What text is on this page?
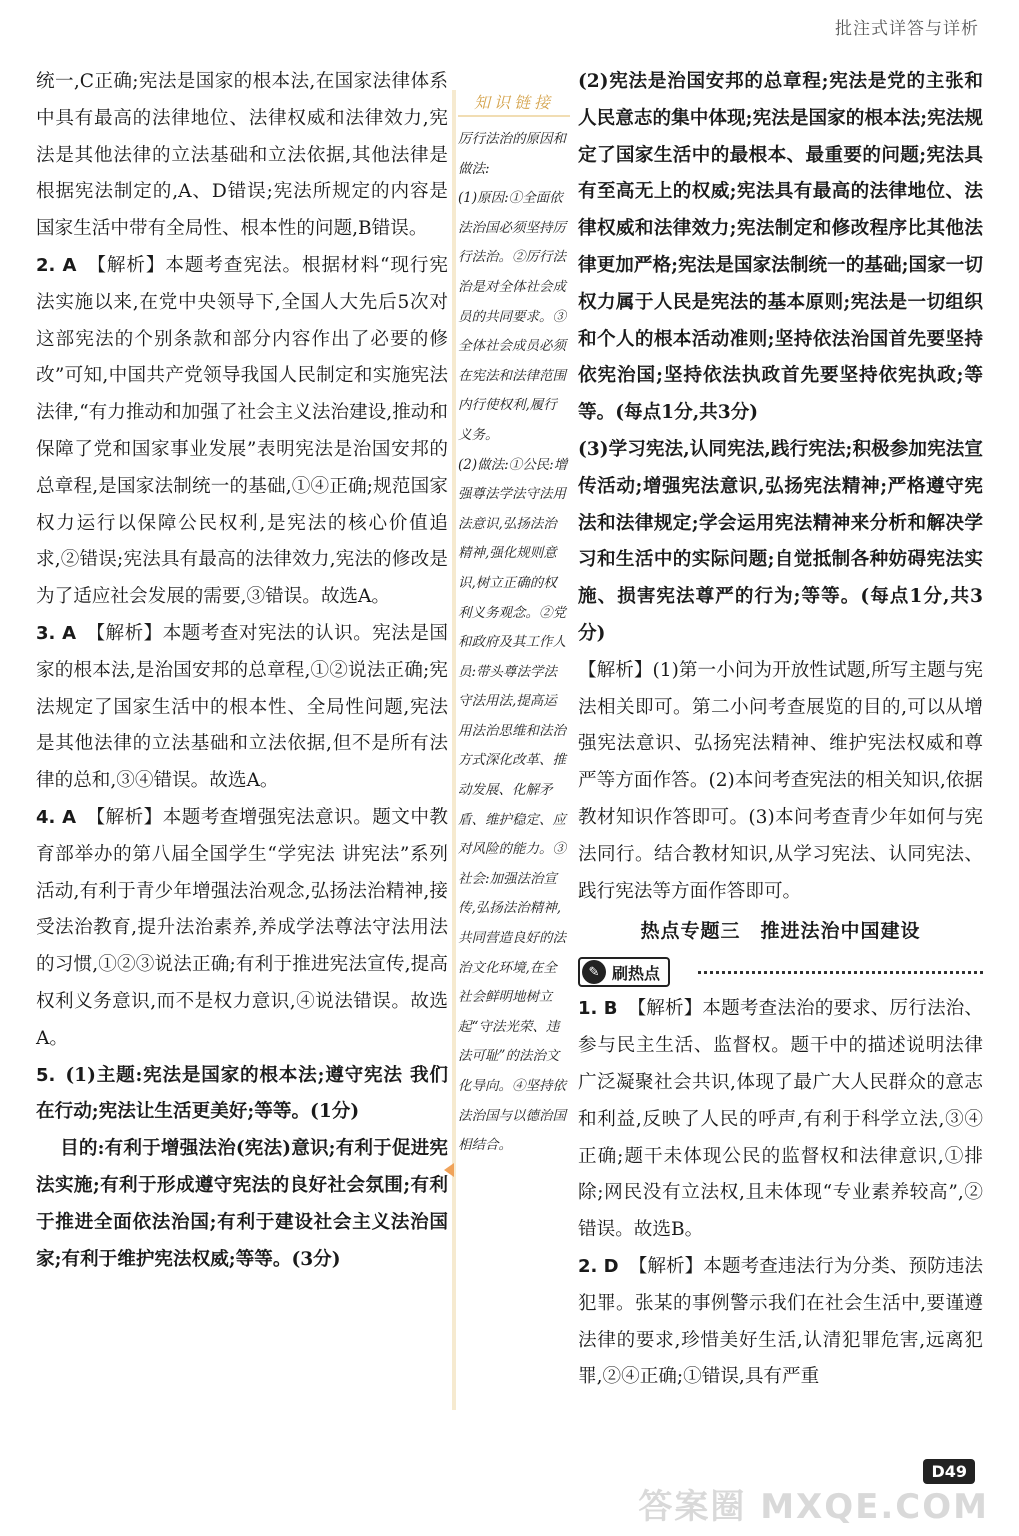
批注式详答与详析

统一,C正确;宪法是国家的根本法,在国家法律体系中具有最高的法律地位、法律权威和法律效力,宪法是其他法律的立法基础和立法依据,其他法律是根据宪法制定的,A、D错误;宪法所规定的内容是国家生活中带有全局性、根本性的问题,B错误。

2. A 【解析】本题考查宪法。根据材料“现行宪法实施以来,在党中央领导下,全国人大先后5次对这部宪法的个别条款和部分内容作出了必要的修改”可知,中国共产党领导我国人民制定和实施宪法法律,“有力推动和加强了社会主义法治建设,推动和保障了党和国家事业发展”表明宪法是治国安邦的总章程,是国家法制统一的基础,①④正确;规范国家权力运行以保障公民权利,是宪法的核心价值追求,②错误;宪法具有最高的法律效力,宪法的修改是为了适应社会发展的需要,③错误。故选A。

3. A 【解析】本题考查对宪法的认识。宪法是国家的根本法,是治国安邦的总章程,①②说法正确;宪法规定了国家生活中的根本性、全局性问题,宪法是其他法律的立法基础和立法依据,但不是所有法律的总和,③④错误。故选A。

4. A 【解析】本题考查增强宪法意识。题文中教育部举办的第八届全国学生“学宪法 讲宪法”系列活动,有利于青少年增强法治观念,弘扬法治精神,接受法治教育,提升法治素养,养成学法尊法守法用法的习惯,①②③说法正确;有利于推进宪法宣传,提高权利义务意识,而不是权力意识,④说法错误。故选A。

5. (1)主题:宪法是国家的根本法;遵守宪法 我们在行动;宪法让生活更美好;等等。(1分)

目的:有利于增强法治(宪法)意识;有利于促进宪法实施;有利于形成遵守宪法的良好社会氛围;有利于推进全面依法治国;有利于建设社会主义法治国家;有利于维护宪法权威;等等。(3分)

知识链接

厉行法治的原因和做法:
(1)原因:①全面依法治国必须坚持厉行法治。②厉行法治是对全体社会成员的共同要求。③全体社会成员必须在宪法和法律范围内行使权利,履行义务。
(2)做法:①公民:增强尊法学法守法用法意识,弘扬法治精神,强化规则意识,树立正确的权利义务观念。②党和政府及其工作人员:带头尊法学法守法用法,提高运用法治思维和法治方式深化改革、推动发展、化解矛盾、维护稳定、应对风险的能力。③社会:加强法治宣传,弘扬法治精神,共同营造良好的法治文化环境,在全社会鲜明地树立起“守法光荣、违法可耻”的法治文化导向。④坚持依法治国与以德治国相结合。

(2)宪法是治国安邦的总章程;宪法是党的主张和人民意志的集中体现;宪法是国家的根本法;宪法规定了国家生活中的最根本、最重要的问题;宪法具有至高无上的权威;宪法具有最高的法律地位、法律权威和法律效力;宪法制定和修改程序比其他法律更加严格;宪法是国家法制统一的基础;国家一切权力属于人民是宪法的基本原则;宪法是一切组织和个人的根本活动准则;坚持依法治国首先要坚持依宪治国;坚持依法执政首先要坚持依宪执政;等等。(每点1分,共3分)

(3)学习宪法,认同宪法,践行宪法;积极参加宪法宣传活动;增强宪法意识,弘扬宪法精神;严格遵守宪法和法律规定;学会运用宪法精神来分析和解决学习和生活中的实际问题;自觉抵制各种妨碍宪法实施、损害宪法尊严的行为;等等。(每点1分,共3分)

【解析】(1)第一小问为开放性试题,所写主题与宪法相关即可。第二小问考查展览的目的,可以从增强宪法意识、弘扬宪法精神、维护宪法权威和尊严等方面作答。(2)本问考查宪法的相关知识,依据教材知识作答即可。(3)本问考查青少年如何与宪法同行。结合教材知识,从学习宪法、认同宪法、践行宪法等方面作答即可。

热点专题三　推进法治中国建设
✎ 刷热点

1. B 【解析】本题考查法治的要求、厉行法治、参与民主生活、监督权。题干中的描述说明法律广泛凝聚社会共识,体现了最广大人民群众的意志和利益,反映了人民的呼声,有利于科学立法,③④正确;题干未体现公民的监督权和法律意识,①排除;网民没有立法权,且未体现“专业素养较高”,②错误。故选B。

2. D 【解析】本题考查违法行为分类、预防违法犯罪。张某的事例警示我们在社会生活中,要谨遵法律的要求,珍惜美好生活,认清犯罪危害,远离犯罪,②④正确;①错误,具有严重

D49
答案圈 MXQE.COM
